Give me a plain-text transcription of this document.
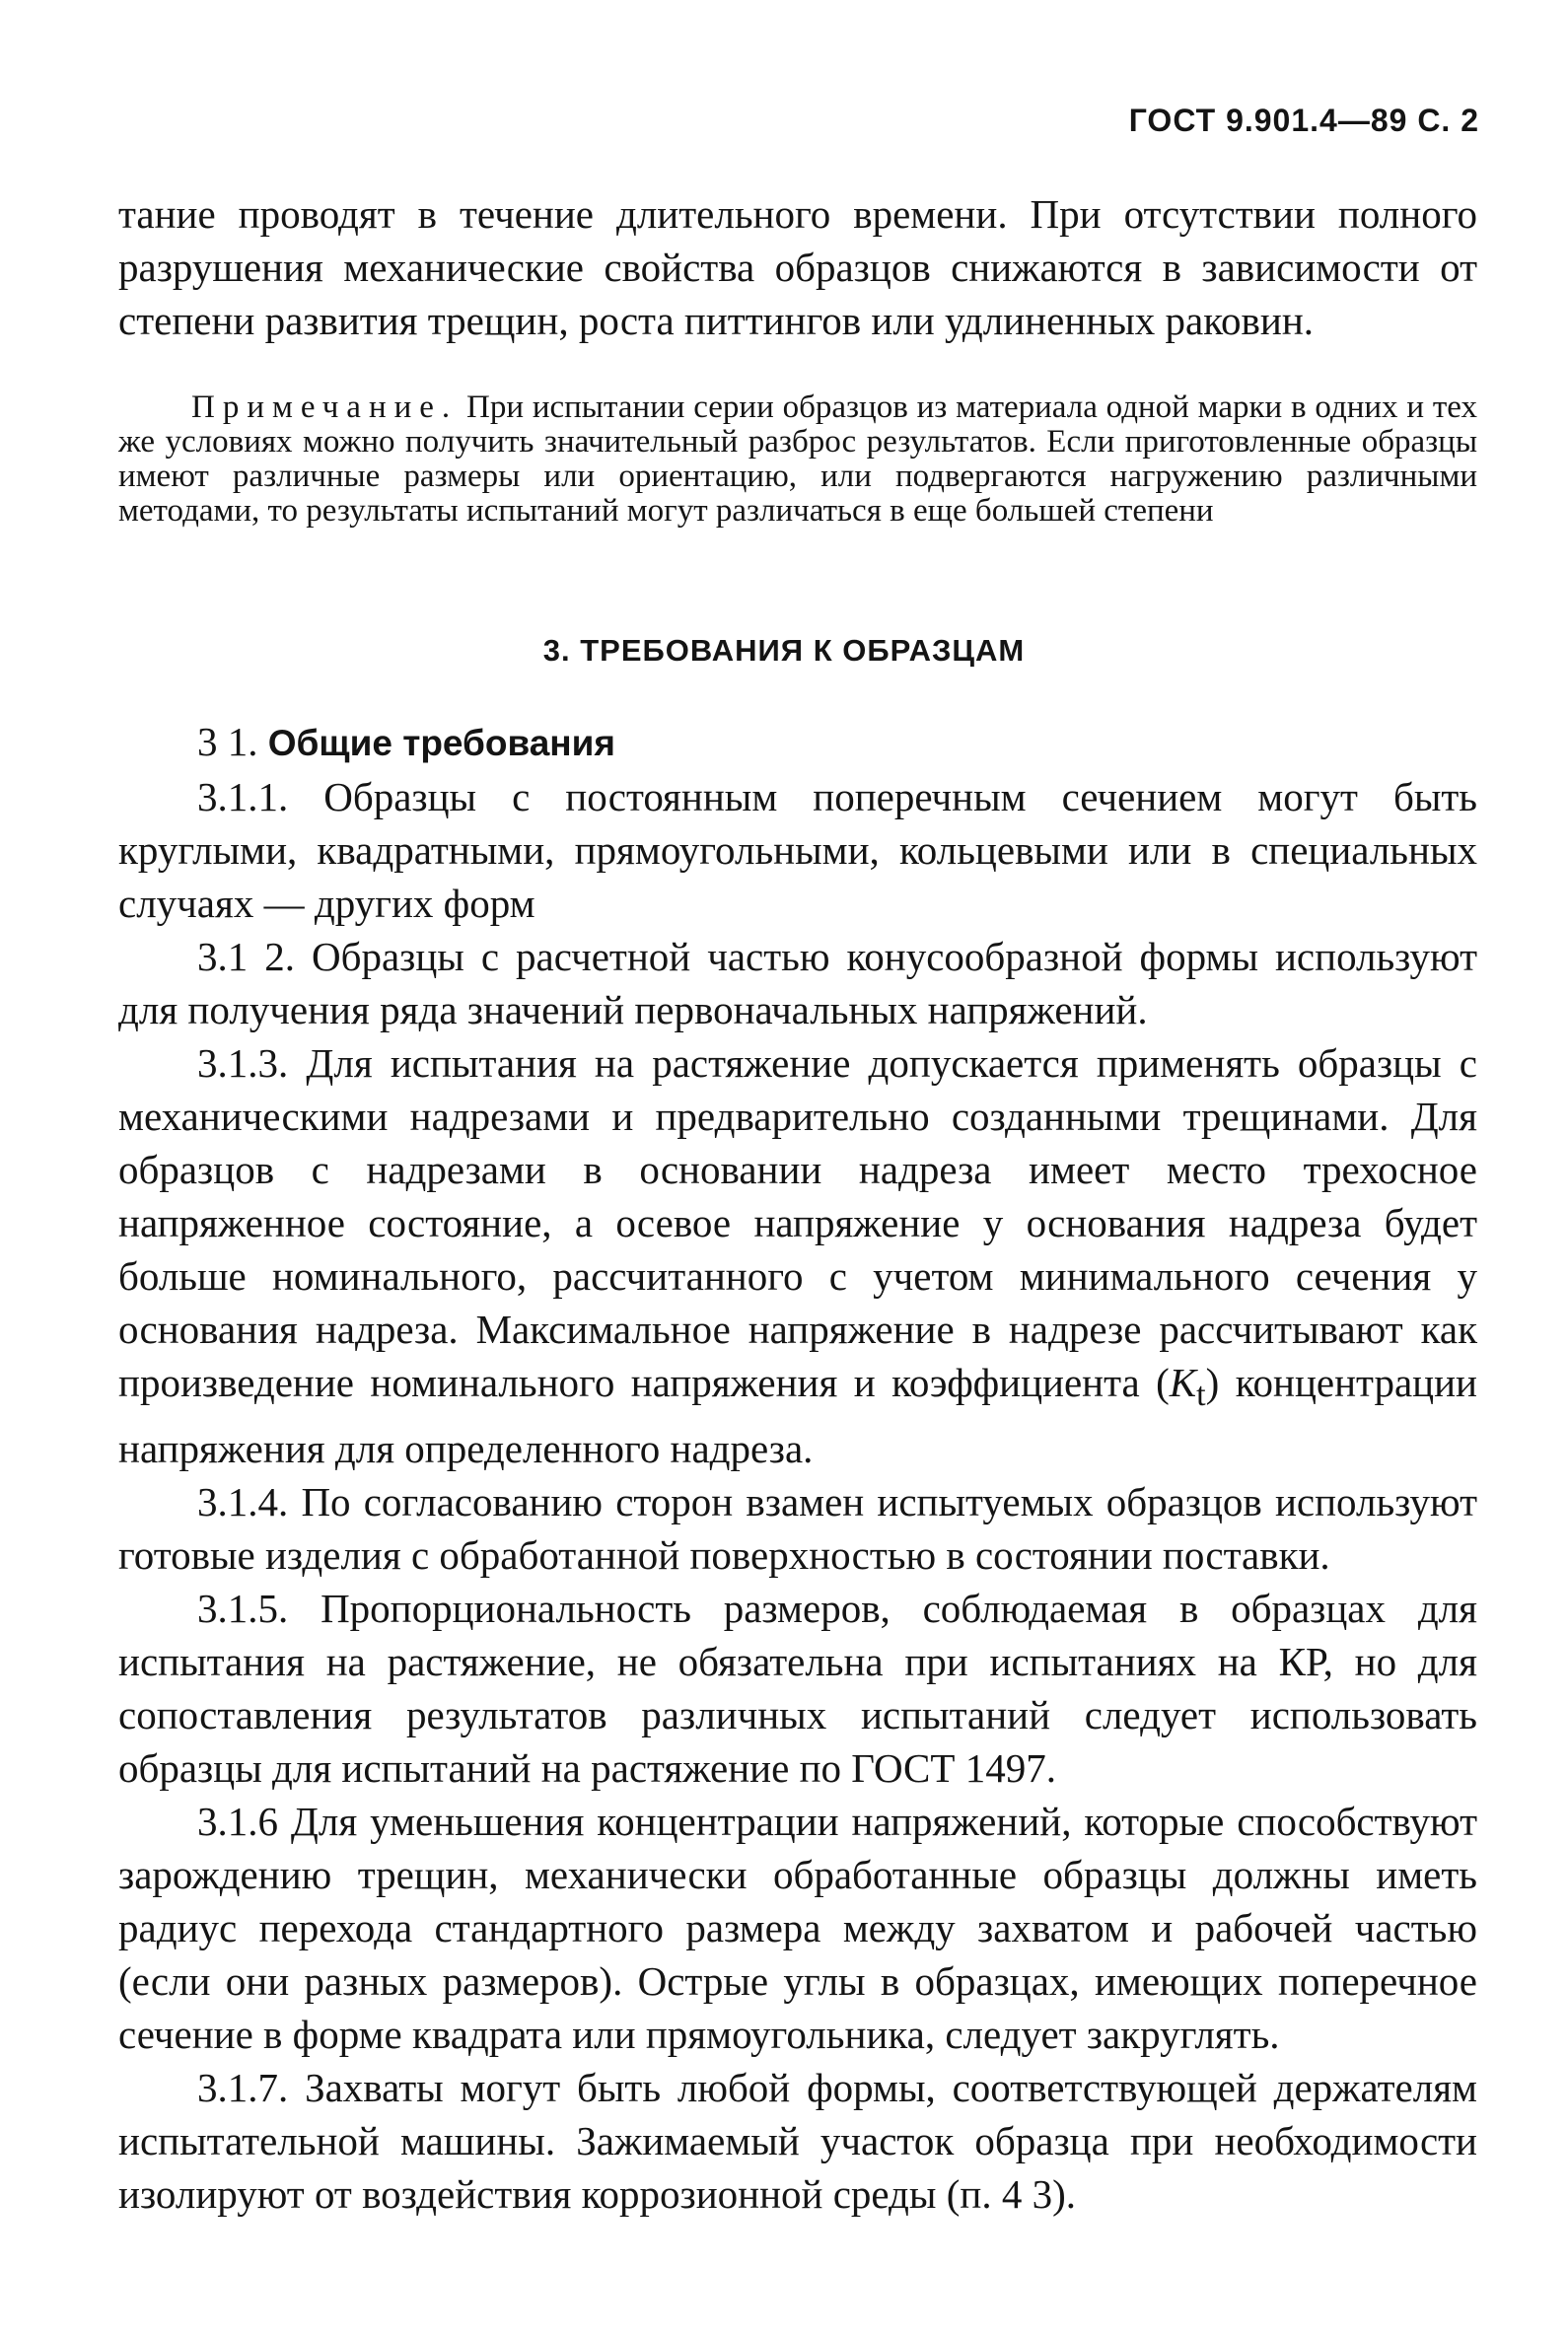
ГОСТ 9.901.4—89 С. 2

тание проводят в течение длительного времени. При отсутствии полного разрушения механические свойства образцов снижаются в зависимости от степени развития трещин, роста питтингов или удлиненных раковин.

Примечание. При испытании серии образцов из материала одной марки в одних и тех же условиях можно получить значительный разброс результатов. Если приготовленные образцы имеют различные размеры или ориентацию, или подвергаются нагружению различными методами, то результаты испытаний могут различаться в еще большей степени

3. ТРЕБОВАНИЯ К ОБРАЗЦАМ

3 1. Общие требования

3.1.1. Образцы с постоянным поперечным сечением могут быть круглыми, квадратными, прямоугольными, кольцевыми или в специальных случаях — других форм

3.1 2. Образцы с расчетной частью конусообразной формы используют для получения ряда значений первоначальных напряжений.

3.1.3. Для испытания на растяжение допускается применять образцы с механическими надрезами и предварительно созданными трещинами. Для образцов с надрезами в основании надреза имеет место трехосное напряженное состояние, а осевое напряжение у основания надреза будет больше номинального, рассчитанного с учетом минимального сечения у основания надреза. Максимальное напряжение в надрезе рассчитывают как произведение номинального напряжения и коэффициента $(K_t)$ концентрации напряжения для определенного надреза.

3.1.4. По согласованию сторон взамен испытуемых образцов используют готовые изделия с обработанной поверхностью в состоянии поставки.

3.1.5. Пропорциональность размеров, соблюдаемая в образцах для испытания на растяжение, не обязательна при испытаниях на КР, но для сопоставления результатов различных испытаний следует использовать образцы для испытаний на растяжение по ГОСТ 1497.

3.1.6 Для уменьшения концентрации напряжений, которые способствуют зарождению трещин, механически обработанные образцы должны иметь радиус перехода стандартного размера между захватом и рабочей частью (если они разных размеров). Острые углы в образцах, имеющих поперечное сечение в форме квадрата или прямоугольника, следует закруглять.

3.1.7. Захваты могут быть любой формы, соответствующей держателям испытательной машины. Зажимаемый участок образца при необходимости изолируют от воздействия коррозионной среды (п. 4 3).
